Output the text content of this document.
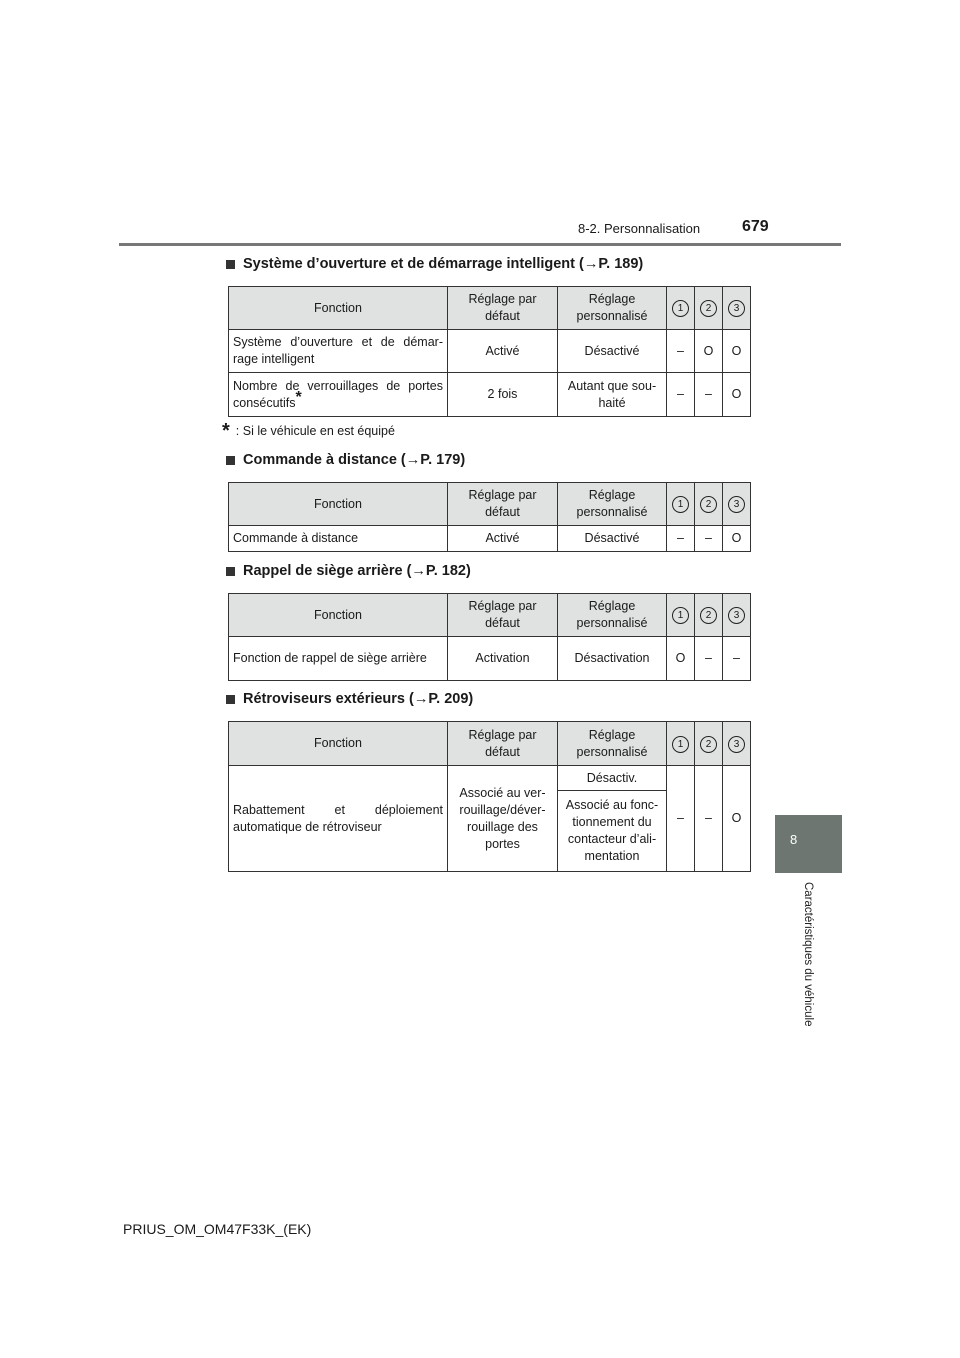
8-2. Personnalisation	679
8
Caractéristiques du véhicule
Système d’ouverture et de démarrage intelligent (→P. 189)
Fonction	Réglage par défaut	Réglage personnalisé	1	2	3
Système d’ouverture et de démar- rage intelligent	Activé	Désactivé	–	O	O
Nombre de verrouillages de portes consécutifs*	2 fois	Autant que sou- haité	–	–	O
* : Si le véhicule en est équipé
Commande à distance (→P. 179)
Fonction	Réglage par défaut	Réglage personnalisé	1	2	3
Commande à distance	Activé	Désactivé	–	–	O
Rappel de siège arrière (→P. 182)
Fonction	Réglage par défaut	Réglage personnalisé	1	2	3
Fonction de rappel de siège arrière	Activation	Désactivation	O	–	–
Rétroviseurs extérieurs (→P. 209)
Fonction	Réglage par défaut	Réglage personnalisé	1	2	3
Rabattement et déploiement automatique de rétroviseur	Associé au ver- rouillage/déver- rouillage des portes	Désactiv.	–	–	O
		Associé au fonc- tionnement du contacteur d’ali- mentation			
PRIUS_OM_OM47F33K_(EK)
